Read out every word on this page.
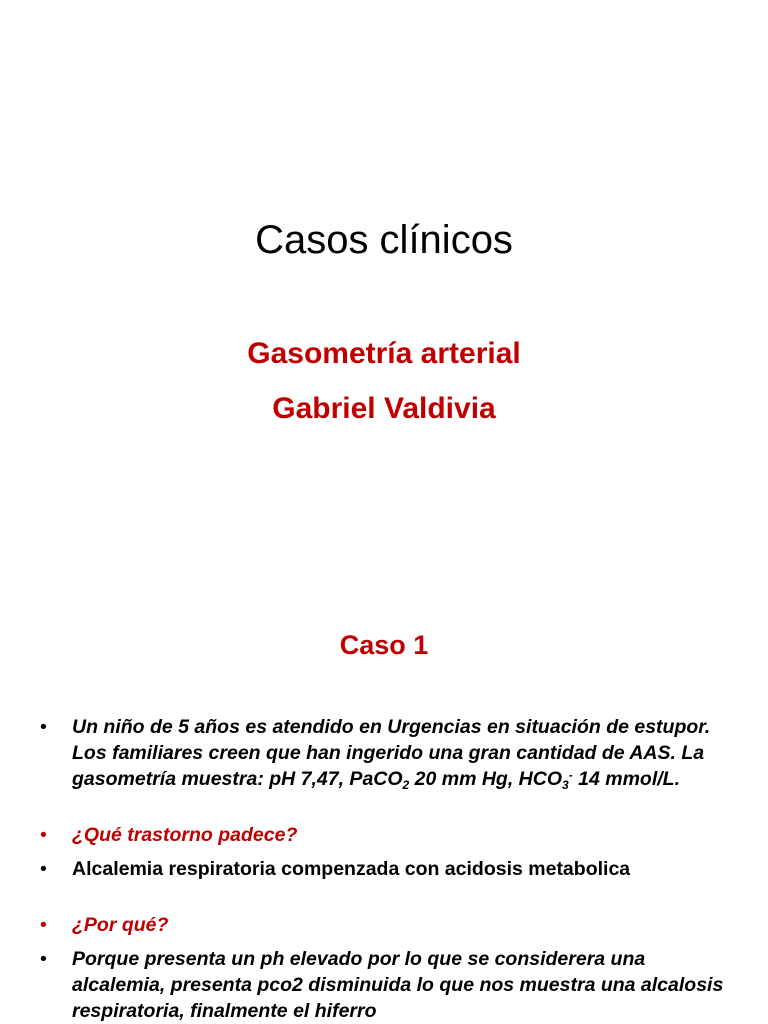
Casos clínicos
Gasometría arterial
Gabriel Valdivia
Caso 1
• Un niño de 5 años es atendido en Urgencias en situación de estupor. Los familiares creen que han ingerido una gran cantidad de AAS. La gasometría muestra: pH 7,47, PaCO$_2$ 20 mm Hg, $HCO_3^-$ 14 mmol/L.
• ¿Qué trastorno padece?
• Alcalemia respiratoria compenzada con acidosis metabolica
• ¿Por qué?
• Porque presenta un ph elevado por lo que se considerera una alcalemia, presenta pco2 disminuida lo que nos muestra una alcalosis respiratoria, finalmente el hiferro
